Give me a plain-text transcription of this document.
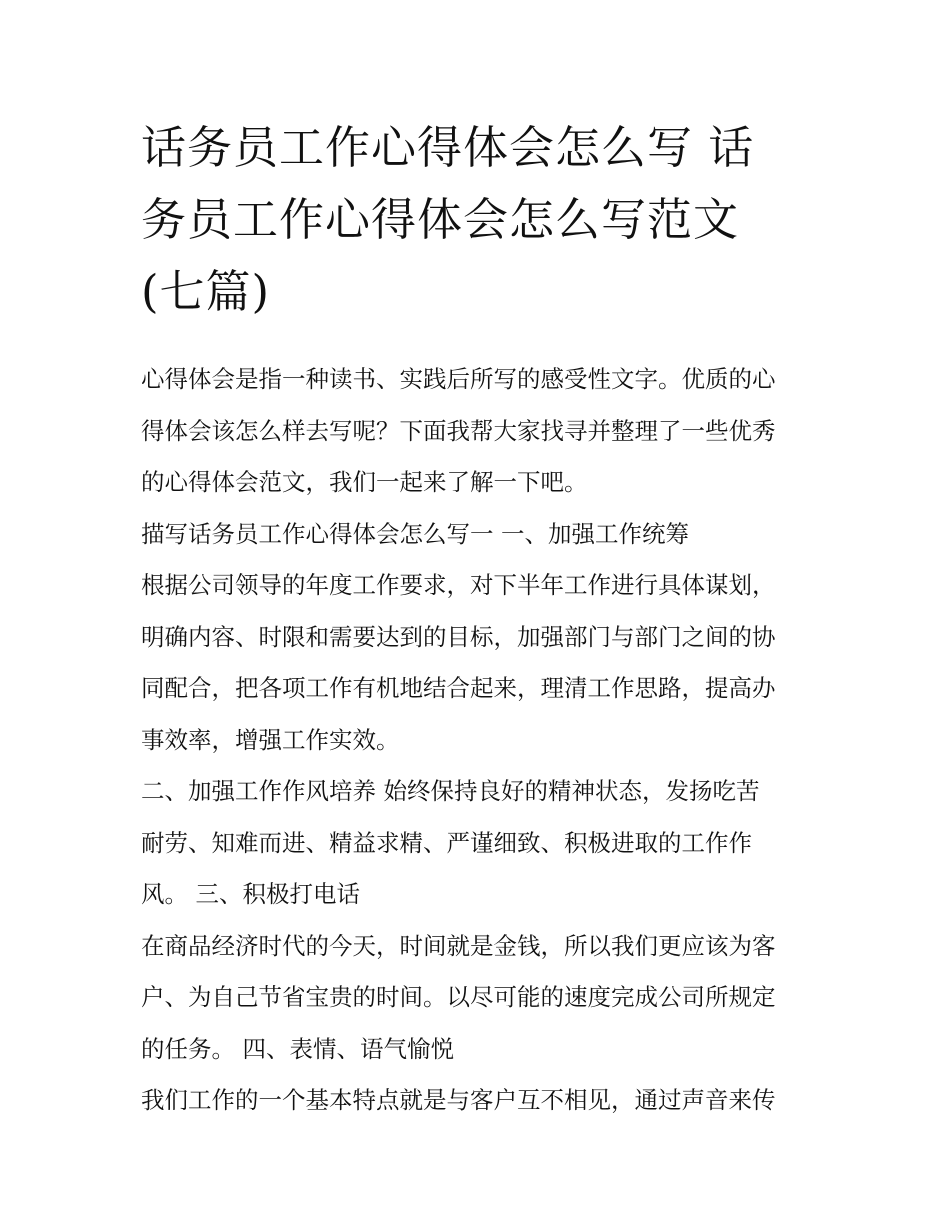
话务员工作心得体会怎么写 话
务员工作心得体会怎么写范文
(七篇)
心得体会是指一种读书、实践后所写的感受性文字。优质的心
得体会该怎么样去写呢？下面我帮大家找寻并整理了一些优秀
的心得体会范文，我们一起来了解一下吧。
描写话务员工作心得体会怎么写一 一、加强工作统筹
根据公司领导的年度工作要求，对下半年工作进行具体谋划，
明确内容、时限和需要达到的目标，加强部门与部门之间的协
同配合，把各项工作有机地结合起来，理清工作思路，提高办
事效率，增强工作实效。
二、加强工作作风培养 始终保持良好的精神状态，发扬吃苦
耐劳、知难而进、精益求精、严谨细致、积极进取的工作作
风。 三、积极打电话
在商品经济时代的今天，时间就是金钱，所以我们更应该为客
户、为自己节省宝贵的时间。以尽可能的速度完成公司所规定
的任务。 四、表情、语气愉悦
我们工作的一个基本特点就是与客户互不相见，通过声音来传
